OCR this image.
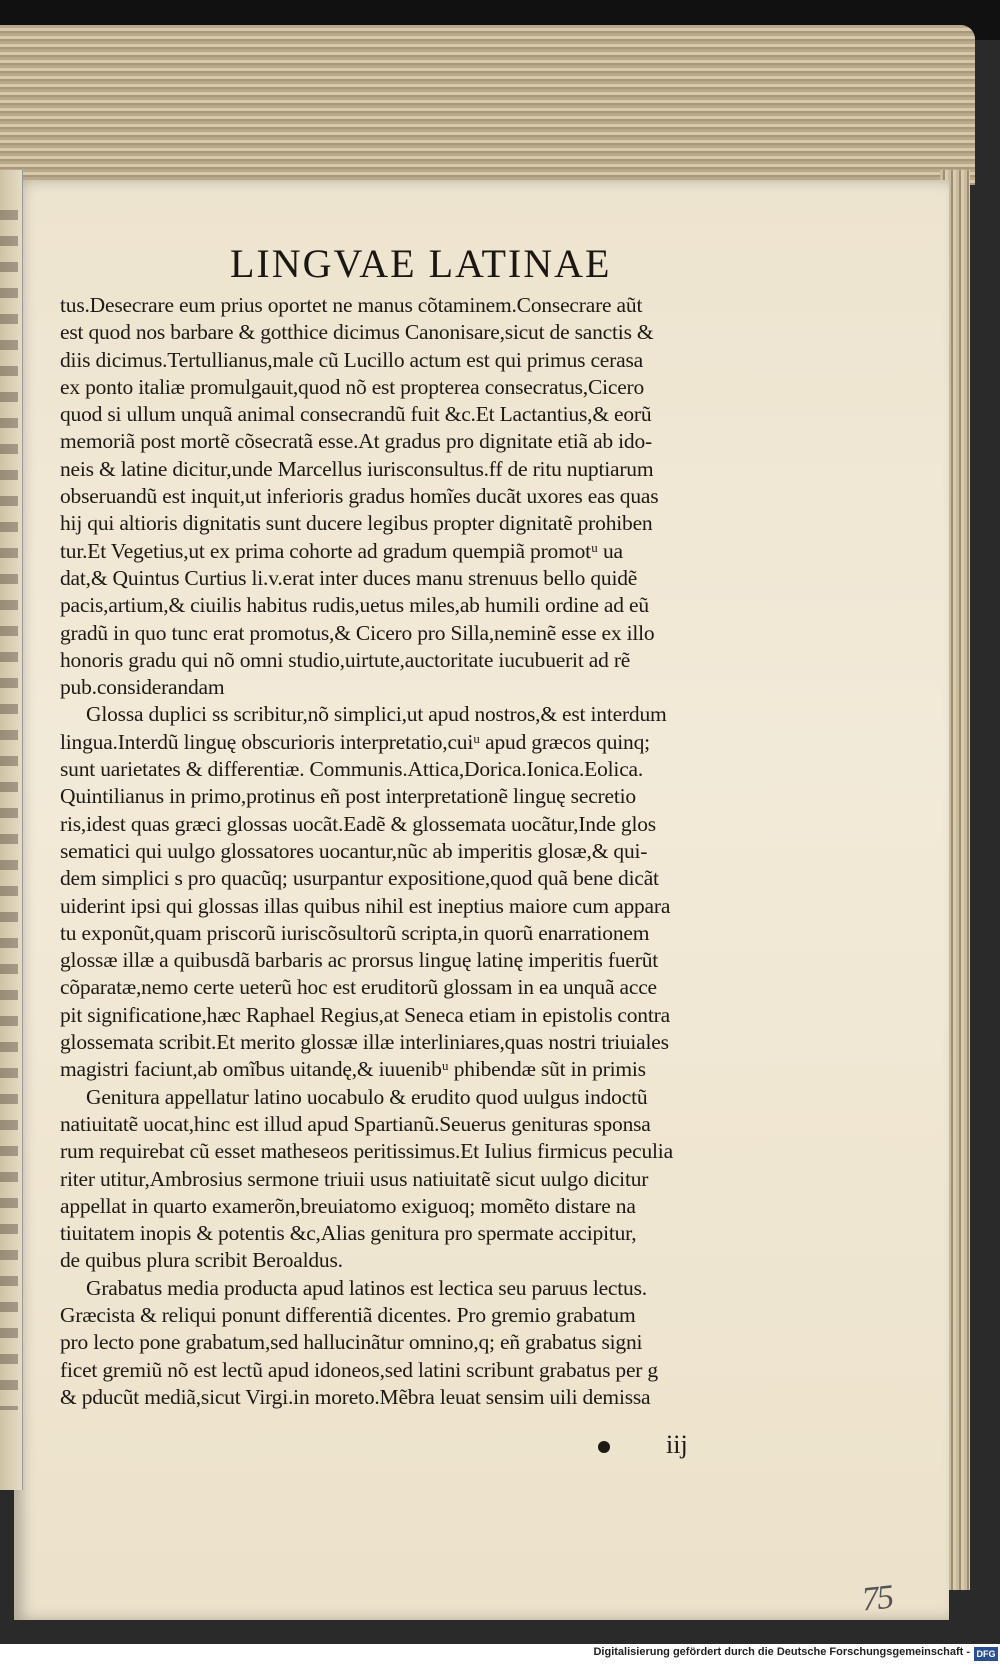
LINGVAE LATINAE
tus.Desecrare eum prius oportet ne manus cõtaminem.Consecrare aũt
est quod nos barbare & gotthice dicimus Canonisare,sicut de sanctis &
diis dicimus.Tertullianus,male cũ Lucillo actum est qui primus cerasa
ex ponto italiæ promulgauit,quod nõ est propterea consecratus,Cicero
quod si ullum unquã animal consecrandũ fuit &c.Et Lactantius,& eorũ
memoriã post mortẽ cõsecratã esse.At gradus pro dignitate etiã ab ido-
neis & latine dicitur,unde Marcellus iurisconsultus.ff de ritu nuptiarum
obseruandũ est inquit,ut inferioris gradus homĩes ducãt uxores eas quas
hij qui altioris dignitatis sunt ducere legibus propter dignitatẽ prohiben
tur.Et Vegetius,ut ex prima cohorte ad gradum quempiã promotᵘ ua
dat,& Quintus Curtius li.v.erat inter duces manu strenuus bello quidẽ
pacis,artium,& ciuilis habitus rudis,uetus miles,ab humili ordine ad eũ
gradũ in quo tunc erat promotus,& Cicero pro Silla,neminẽ esse ex illo
honoris gradu qui nõ omni studio,uirtute,auctoritate iucubuerit ad rẽ
pub.considerandam
Glossa duplici ss scribitur,nõ simplici,ut apud nostros,& est interdum
lingua.Interdũ linguę obscurioris interpretatio,cuiᵘ apud græcos quinq;
sunt uarietates & differentiæ. Communis.Attica,Dorica.Ionica.Eolica.
Quintilianus in primo,protinus eñ post interpretationẽ linguę secretio
ris,idest quas græci glossas uocãt.Eadẽ & glossemata uocãtur,Inde glos
sematici qui uulgo glossatores uocantur,nũc ab imperitis glosæ,& qui-
dem simplici s pro quacũq; usurpantur expositione,quod quã bene dicãt
uiderint ipsi qui glossas illas quibus nihil est ineptius maiore cum appara
tu exponũt,quam priscorũ iuriscõsultorũ scripta,in quorũ enarrationem
glossæ illæ a quibusdã barbaris ac prorsus linguę latinę imperitis fuerũt
cõparatæ,nemo certe ueterũ hoc est eruditorũ glossam in ea unquã acce
pit significatione,hæc Raphael Regius,at Seneca etiam in epistolis contra
glossemata scribit.Et merito glossæ illæ interliniares,quas nostri triuiales
magistri faciunt,ab omĩbus uitandę,& iuuenibᵘ phibendæ sũt in primis
Genitura appellatur latino uocabulo & erudito quod uulgus indoctũ
natiuitatẽ uocat,hinc est illud apud Spartianũ.Seuerus genituras sponsa
rum requirebat cũ esset matheseos peritissimus.Et Iulius firmicus peculia
riter utitur,Ambrosius sermone triuii usus natiuitatẽ sicut uulgo dicitur
appellat in quarto examerõn,breuiatomo exiguoq; momẽto distare na
tiuitatem inopis & potentis &c,Alias genitura pro spermate accipitur,
de quibus plura scribit Beroaldus.
Grabatus media producta apud latinos est lectica seu paruus lectus.
Græcista & reliqui ponunt differentiã dicentes. Pro gremio grabatum
pro lecto pone grabatum,sed hallucinãtur omnino,q; eñ grabatus signi
ficet gremiũ nõ est lectũ apud idoneos,sed latini scribunt grabatus per g
& pducũt mediã,sicut Virgi.in moreto.Mẽbra leuat sensim uili demissa
iij
75
Digitalisierung gefördert durch die Deutsche Forschungsgemeinschaft - DFG
